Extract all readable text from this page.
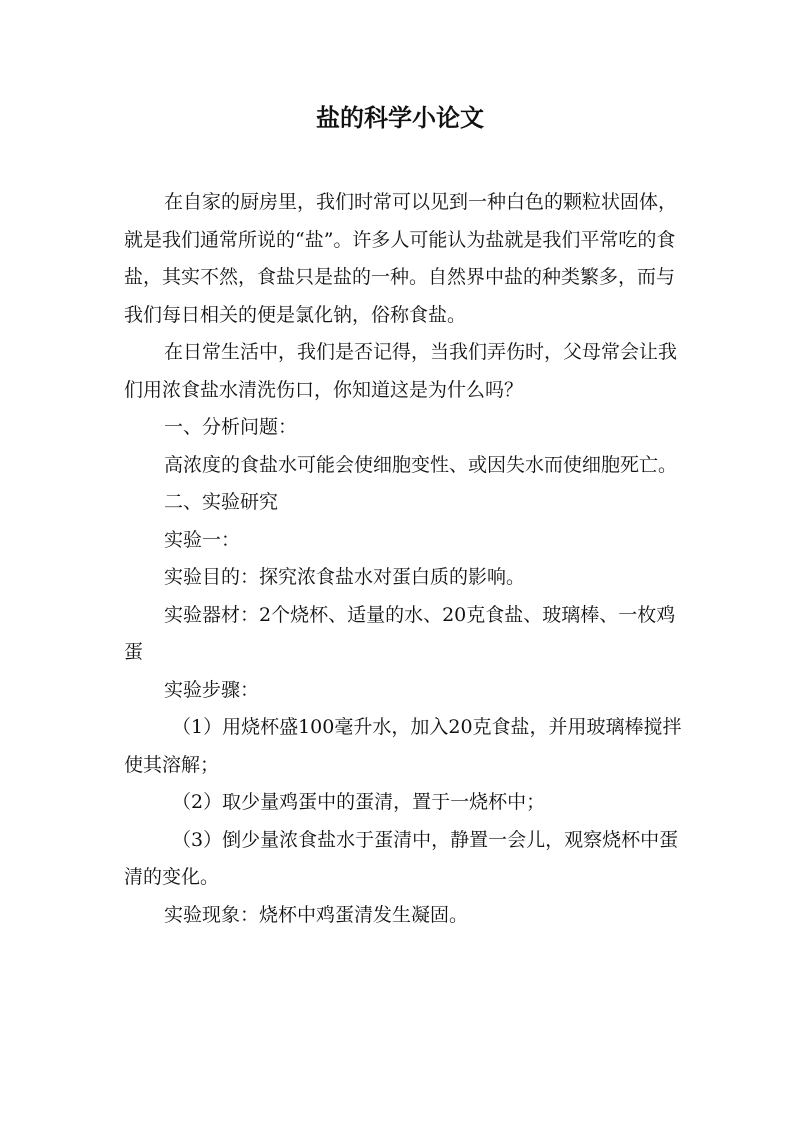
盐的科学小论文

在自家的厨房里，我们时常可以见到一种白色的颗粒状固体，就是我们通常所说的“盐”。许多人可能认为盐就是我们平常吃的食盐，其实不然，食盐只是盐的一种。自然界中盐的种类繁多，而与我们每日相关的便是氯化钠，俗称食盐。

在日常生活中，我们是否记得，当我们弄伤时，父母常会让我们用浓食盐水清洗伤口，你知道这是为什么吗？

一、分析问题：

高浓度的食盐水可能会使细胞变性、或因失水而使细胞死亡。

二、实验研究

实验一：

实验目的：探究浓食盐水对蛋白质的影响。

实验器材：2个烧杯、适量的水、20克食盐、玻璃棒、一枚鸡蛋

实验步骤：

（1）用烧杯盛100毫升水，加入20克食盐，并用玻璃棒搅拌使其溶解；

（2）取少量鸡蛋中的蛋清，置于一烧杯中；

（3）倒少量浓食盐水于蛋清中，静置一会儿，观察烧杯中蛋清的变化。

实验现象：烧杯中鸡蛋清发生凝固。
